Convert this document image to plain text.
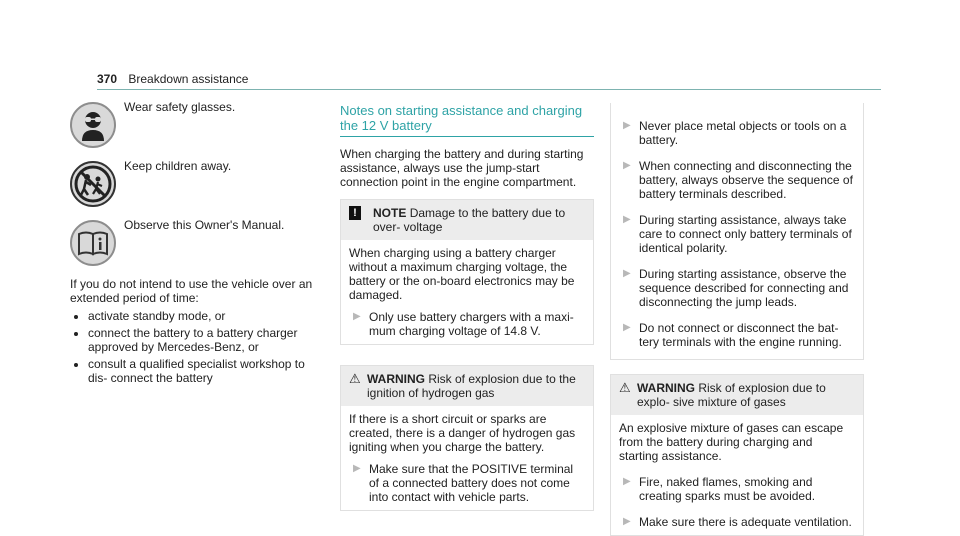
370 Breakdown assistance
Wear safety glasses.
Keep children away.
Observe this Owner's Manual.
If you do not intend to use the vehicle over an extended period of time:
• activate standby mode, or
• connect the battery to a battery charger approved by Mercedes-Benz, or
• consult a qualified specialist workshop to dis- connect the battery
Notes on starting assistance and charging the 12 V battery
When charging the battery and during starting assistance, always use the jump-start connection point in the engine compartment.
!	NOTE Damage to the battery due to over- voltage
When charging using a battery charger without a maximum charging voltage, the battery or the on-board electronics may be damaged.
▶ Only use battery chargers with a maxi- mum charging voltage of 14.8 V.
⚠ WARNING Risk of explosion due to the ignition of hydrogen gas
If there is a short circuit or sparks are created, there is a danger of hydrogen gas igniting when you charge the battery.
▶ Make sure that the POSITIVE terminal of a connected battery does not come into contact with vehicle parts.
▶ Never place metal objects or tools on a battery.
▶ When connecting and disconnecting the battery, always observe the sequence of battery terminals described.
▶ During starting assistance, always take care to connect only battery terminals of identical polarity.
▶ During starting assistance, observe the sequence described for connecting and disconnecting the jump leads.
▶ Do not connect or disconnect the bat- tery terminals with the engine running.
⚠ WARNING Risk of explosion due to explo- sive mixture of gases
An explosive mixture of gases can escape from the battery during charging and starting assistance.
▶ Fire, naked flames, smoking and creating sparks must be avoided.
▶ Make sure there is adequate ventilation.
